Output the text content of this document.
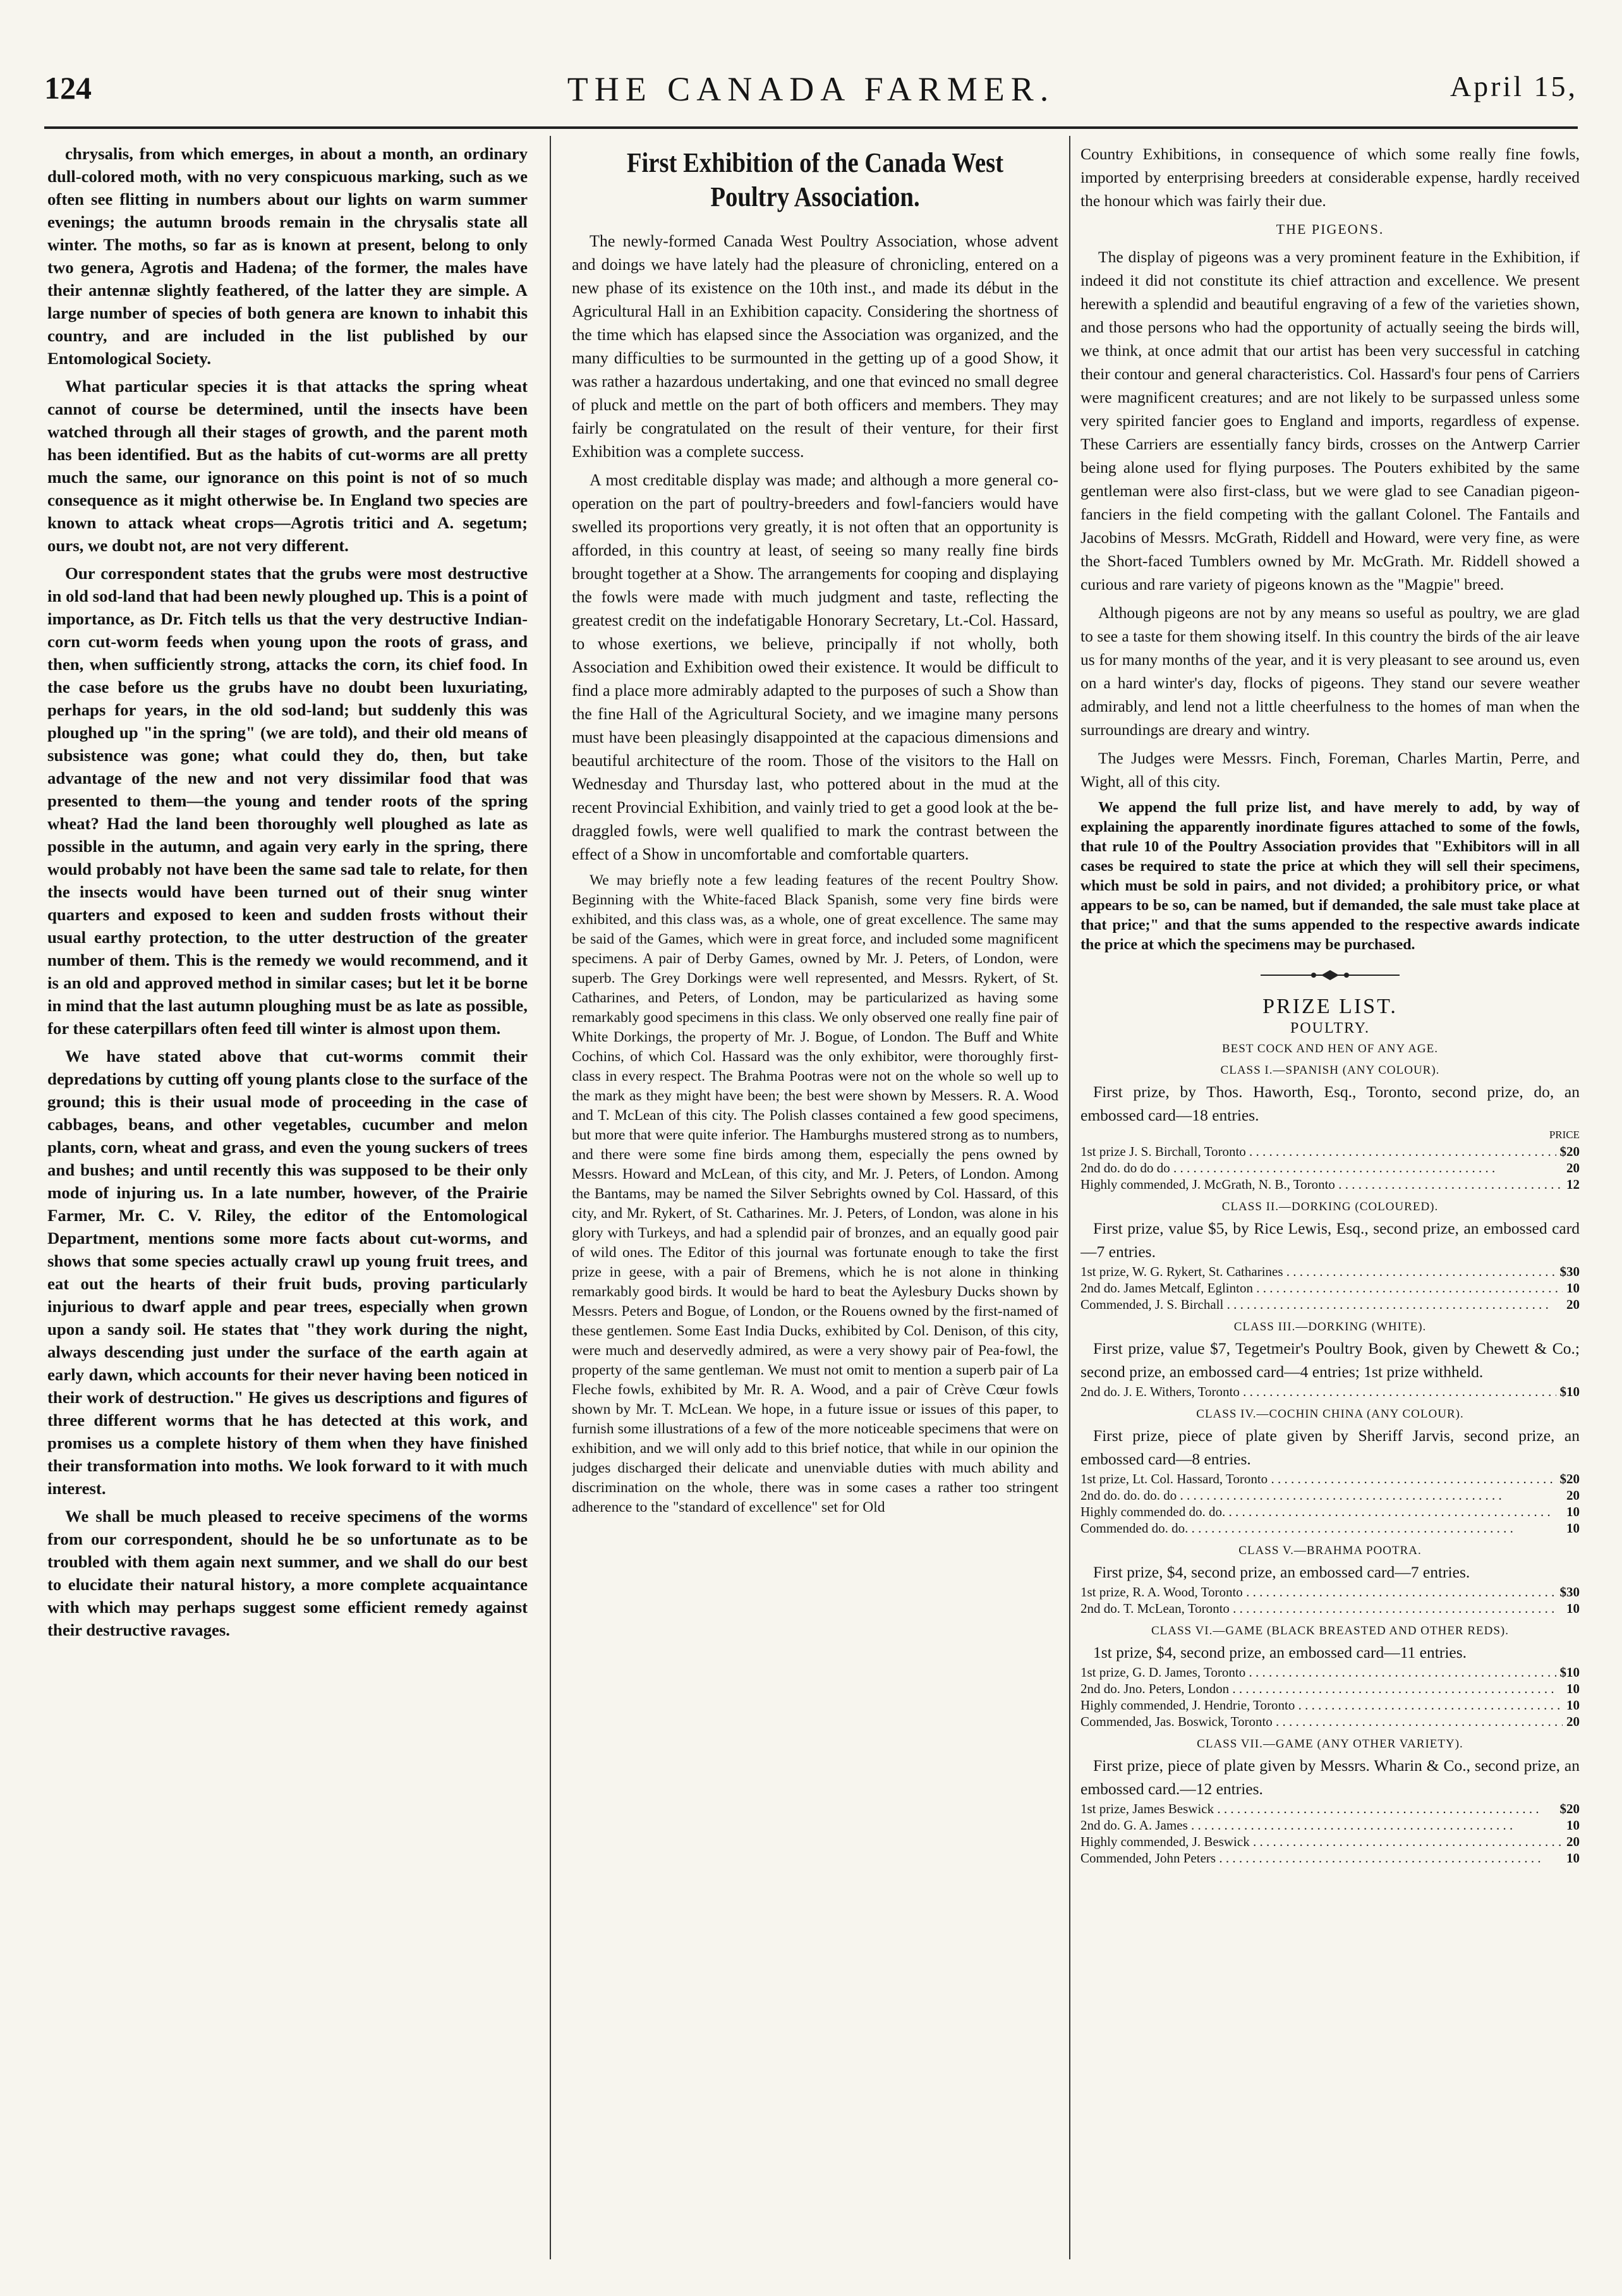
124	THE CANADA FARMER.	April 15,

chrysalis, from which emerges, in about a month, an ordinary dull-colored moth, with no very conspicuous marking, such as we often see flitting in numbers about our lights on warm summer evenings; the autumn broods remain in the chrysalis state all winter. The moths, so far as is known at present, belong to only two genera, Agrotis and Hadena; of the former, the males have their antennæ slightly feathered, of the latter they are simple. A large number of species of both genera are known to inhabit this country, and are included in the list published by our Entomological Society.

What particular species it is that attacks the spring wheat cannot of course be determined, until the insects have been watched through all their stages of growth, and the parent moth has been identified. But as the habits of cut-worms are all pretty much the same, our ignorance on this point is not of so much consequence as it might otherwise be. In England two species are known to attack wheat crops—Agrotis tritici and A. segetum; ours, we doubt not, are not very different.

Our correspondent states that the grubs were most destructive in old sod-land that had been newly ploughed up. This is a point of importance, as Dr. Fitch tells us that the very destructive Indian-corn cut-worm feeds when young upon the roots of grass, and then, when sufficiently strong, attacks the corn, its chief food. In the case before us the grubs have no doubt been luxuriating, perhaps for years, in the old sod-land; but suddenly this was ploughed up "in the spring" (we are told), and their old means of subsistence was gone; what could they do, then, but take advantage of the new and not very dissimilar food that was presented to them—the young and tender roots of the spring wheat? Had the land been thoroughly well ploughed as late as possible in the autumn, and again very early in the spring, there would probably not have been the same sad tale to relate, for then the insects would have been turned out of their snug winter quarters and exposed to keen and sudden frosts without their usual earthy protection, to the utter destruction of the greater number of them. This is the remedy we would recommend, and it is an old and approved method in similar cases; but let it be borne in mind that the last autumn ploughing must be as late as possible, for these caterpillars often feed till winter is almost upon them.

We have stated above that cut-worms commit their depredations by cutting off young plants close to the surface of the ground; this is their usual mode of proceeding in the case of cabbages, beans, and other vegetables, cucumber and melon plants, corn, wheat and grass, and even the young suckers of trees and bushes; and until recently this was supposed to be their only mode of injuring us. In a late number, however, of the Prairie Farmer, Mr. C. V. Riley, the editor of the Entomological Department, mentions some more facts about cut-worms, and shows that some species actually crawl up young fruit trees, and eat out the hearts of their fruit buds, proving particularly injurious to dwarf apple and pear trees, especially when grown upon a sandy soil. He states that "they work during the night, always descending just under the surface of the earth again at early dawn, which accounts for their never having been noticed in their work of destruction." He gives us descriptions and figures of three different worms that he has detected at this work, and promises us a complete history of them when they have finished their transformation into moths. We look forward to it with much interest.

We shall be much pleased to receive specimens of the worms from our correspondent, should he be so unfortunate as to be troubled with them again next summer, and we shall do our best to elucidate their natural history, a more complete acquaintance with which may perhaps suggest some efficient remedy against their destructive ravages.

First Exhibition of the Canada West Poultry Association.

The newly-formed Canada West Poultry Association, whose advent and doings we have lately had the pleasure of chronicling, entered on a new phase of its existence on the 10th inst., and made its début in the Agricultural Hall in an Exhibition capacity. Considering the shortness of the time which has elapsed since the Association was organized, and the many difficulties to be surmounted in the getting up of a good Show, it was rather a hazardous undertaking, and one that evinced no small degree of pluck and mettle on the part of both officers and members. They may fairly be congratulated on the result of their venture, for their first Exhibition was a complete success.

A most creditable display was made; and although a more general co-operation on the part of poultry-breeders and fowl-fanciers would have swelled its proportions very greatly, it is not often that an opportunity is afforded, in this country at least, of seeing so many really fine birds brought together at a Show. The arrangements for cooping and displaying the fowls were made with much judgment and taste, reflecting the greatest credit on the indefatigable Honorary Secretary, Lt.-Col. Hassard, to whose exertions, we believe, principally if not wholly, both Association and Exhibition owed their existence. It would be difficult to find a place more admirably adapted to the purposes of such a Show than the fine Hall of the Agricultural Society, and we imagine many persons must have been pleasingly disappointed at the capacious dimensions and beautiful architecture of the room. Those of the visitors to the Hall on Wednesday and Thursday last, who pottered about in the mud at the recent Provincial Exhibition, and vainly tried to get a good look at the be-draggled fowls, were well qualified to mark the contrast between the effect of a Show in uncomfortable and comfortable quarters.

We may briefly note a few leading features of the recent Poultry Show. Beginning with the White-faced Black Spanish, some very fine birds were exhibited, and this class was, as a whole, one of great excellence. The same may be said of the Games, which were in great force, and included some magnificent specimens. A pair of Derby Games, owned by Mr. J. Peters, of London, were superb. The Grey Dorkings were well represented, and Messrs. Rykert, of St. Catharines, and Peters, of London, may be particularized as having some remarkably good specimens in this class. We only observed one really fine pair of White Dorkings, the property of Mr. J. Bogue, of London. The Buff and White Cochins, of which Col. Hassard was the only exhibitor, were thoroughly first-class in every respect. The Brahma Pootras were not on the whole so well up to the mark as they might have been; the best were shown by Messers. R. A. Wood and T. McLean of this city. The Polish classes contained a few good specimens, but more that were quite inferior. The Hamburghs mustered strong as to numbers, and there were some fine birds among them, especially the pens owned by Messrs. Howard and McLean, of this city, and Mr. J. Peters, of London. Among the Bantams, may be named the Silver Sebrights owned by Col. Hassard, of this city, and Mr. Rykert, of St. Catharines. Mr. J. Peters, of London, was alone in his glory with Turkeys, and had a splendid pair of bronzes, and an equally good pair of wild ones. The Editor of this journal was fortunate enough to take the first prize in geese, with a pair of Bremens, which he is not alone in thinking remarkably good birds. It would be hard to beat the Aylesbury Ducks shown by Messrs. Peters and Bogue, of London, or the Rouens owned by the first-named of these gentlemen. Some East India Ducks, exhibited by Col. Denison, of this city, were much and deservedly admired, as were a very showy pair of Pea-fowl, the property of the same gentleman. We must not omit to mention a superb pair of La Fleche fowls, exhibited by Mr. R. A. Wood, and a pair of Crève Cœur fowls shown by Mr. T. McLean. We hope, in a future issue or issues of this paper, to furnish some illustrations of a few of the more noticeable specimens that were on exhibition, and we will only add to this brief notice, that while in our opinion the judges discharged their delicate and unenviable duties with much ability and discrimination on the whole, there was in some cases a rather too stringent adherence to the "standard of excellence" set for Old

Country Exhibitions, in consequence of which some really fine fowls, imported by enterprising breeders at considerable expense, hardly received the honour which was fairly their due.

THE PIGEONS.

The display of pigeons was a very prominent feature in the Exhibition, if indeed it did not constitute its chief attraction and excellence. We present herewith a splendid and beautiful engraving of a few of the varieties shown, and those persons who had the opportunity of actually seeing the birds will, we think, at once admit that our artist has been very successful in catching their contour and general characteristics. Col. Hassard's four pens of Carriers were magnificent creatures; and are not likely to be surpassed unless some very spirited fancier goes to England and imports, regardless of expense. These Carriers are essentially fancy birds, crosses on the Antwerp Carrier being alone used for flying purposes. The Pouters exhibited by the same gentleman were also first-class, but we were glad to see Canadian pigeon-fanciers in the field competing with the gallant Colonel. The Fantails and Jacobins of Messrs. McGrath, Riddell and Howard, were very fine, as were the Short-faced Tumblers owned by Mr. McGrath. Mr. Riddell showed a curious and rare variety of pigeons known as the "Magpie" breed.

Although pigeons are not by any means so useful as poultry, we are glad to see a taste for them showing itself. In this country the birds of the air leave us for many months of the year, and it is very pleasant to see around us, even on a hard winter's day, flocks of pigeons. They stand our severe weather admirably, and lend not a little cheerfulness to the homes of man when the surroundings are dreary and wintry.

The Judges were Messrs. Finch, Foreman, Charles Martin, Perre, and Wight, all of this city.

We append the full prize list, and have merely to add, by way of explaining the apparently inordinate figures attached to some of the fowls, that rule 10 of the Poultry Association provides that "Exhibitors will in all cases be required to state the price at which they will sell their specimens, which must be sold in pairs, and not divided; a prohibitory price, or what appears to be so, can be named, but if demanded, the sale must take place at that price;" and that the sums appended to the respective awards indicate the price at which the specimens may be purchased.

PRIZE LIST.
POULTRY.
BEST COCK AND HEN OF ANY AGE.
CLASS I.—SPANISH (ANY COLOUR).

First prize, by Thos. Haworth, Esq., Toronto, second prize, do, an embossed card—18 entries.

PRICE
1st prize J. S. Birchall, Toronto . . .	$20
2nd do. do do do . . .	20
Highly commended, J. McGrath, N. B., Toronto . . .	12
CLASS II.—DORKING (COLOURED).

First prize, value $5, by Rice Lewis, Esq., second prize, an embossed card—7 entries.

1st prize, W. G. Rykert, St. Catharines . . .	$30
2nd do. James Metcalf, Eglinton . . .	10
Commended, J. S. Birchall . . .	20
CLASS III.—DORKING (WHITE).

First prize, value $7, Tegetmeir's Poultry Book, given by Chewett & Co.; second prize, an embossed card—4 entries; 1st prize withheld.

2nd do. J. E. Withers, Toronto . . .	$10
CLASS IV.—COCHIN CHINA (ANY COLOUR).

First prize, piece of plate given by Sheriff Jarvis, second prize, an embossed card—8 entries.

1st prize, Lt. Col. Hassard, Toronto . . .	$20
2nd do. do. do. do . . .	20
Highly commended do. do. . . .	10
Commended do. do. . . .	10
CLASS V.—BRAHMA POOTRA.

First prize, $4, second prize, an embossed card—7 entries.

1st prize, R. A. Wood, Toronto . . .	$30
2nd do. T. McLean, Toronto . . .	10
CLASS VI.—GAME (BLACK BREASTED AND OTHER REDS).

1st prize, $4, second prize, an embossed card—11 entries.

1st prize, G. D. James, Toronto . . .	$10
2nd do. Jno. Peters, London . . .	10
Highly commended, J. Hendrie, Toronto . . .	10
Commended, Jas. Boswick, Toronto . . .	20
CLASS VII.—GAME (ANY OTHER VARIETY).

First prize, piece of plate given by Messrs. Wharin & Co., second prize, an embossed card.—12 entries.

1st prize, James Beswick . . .	$20
2nd do. G. A. James . . .	10
Highly commended, J. Beswick . . .	20
Commended, John Peters . . .	10
